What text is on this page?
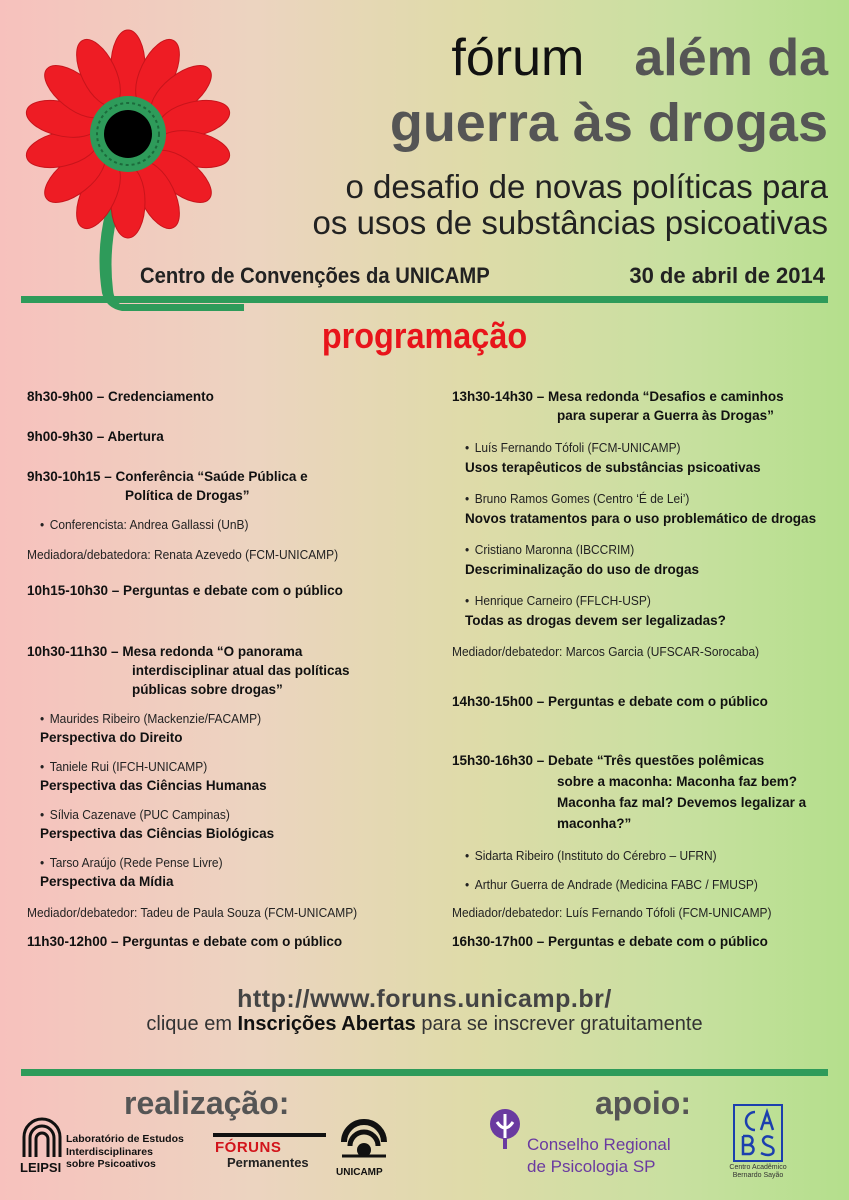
fórum além da
guerra às drogas
o desafio de novas políticas para
os usos de substâncias psicoativas
Centro de Convenções da UNICAMP	30 de abril de 2014
programação
8h30-9h00 – Credenciamento
9h00-9h30 – Abertura
9h30-10h15 – Conferência “Saúde Pública e
Política de Drogas”
• Conferencista: Andrea Gallassi (UnB)
Mediadora/debatedora: Renata Azevedo (FCM-UNICAMP)
10h15-10h30 – Perguntas e debate com o público
10h30-11h30 – Mesa redonda “O panorama
interdisciplinar atual das políticas
públicas sobre drogas”
• Maurides Ribeiro (Mackenzie/FACAMP)
Perspectiva do Direito
• Taniele Rui (IFCH-UNICAMP)
Perspectiva das Ciências Humanas
• Sílvia Cazenave (PUC Campinas)
Perspectiva das Ciências Biológicas
• Tarso Araújo (Rede Pense Livre)
Perspectiva da Mídia
Mediador/debatedor: Tadeu de Paula Souza (FCM-UNICAMP)
11h30-12h00 – Perguntas e debate com o público
13h30-14h30 – Mesa redonda “Desafios e caminhos
para superar a Guerra às Drogas”
• Luís Fernando Tófoli (FCM-UNICAMP)
Usos terapêuticos de substâncias psicoativas
• Bruno Ramos Gomes (Centro ‘É de Lei’)
Novos tratamentos para o uso problemático de drogas
• Cristiano Maronna (IBCCRIM)
Descriminalização do uso de drogas
• Henrique Carneiro (FFLCH-USP)
Todas as drogas devem ser legalizadas?
Mediador/debatedor: Marcos Garcia (UFSCAR-Sorocaba)
14h30-15h00 – Perguntas e debate com o público
15h30-16h30 – Debate “Três questões polêmicas
sobre a maconha: Maconha faz bem?
Maconha faz mal? Devemos legalizar a
maconha?”
• Sidarta Ribeiro (Instituto do Cérebro – UFRN)
• Arthur Guerra de Andrade (Medicina FABC / FMUSP)
Mediador/debatedor: Luís Fernando Tófoli (FCM-UNICAMP)
16h30-17h00 – Perguntas e debate com o público
http://www.foruns.unicamp.br/
clique em Inscrições Abertas para se inscrever gratuitamente
realização:	apoio:
Laboratório de Estudos
Interdisciplinares
sobre Psicoativos
LEIPSI
FÓRUNS
Permanentes
UNICAMP
Conselho Regional
de Psicologia SP	Centro Acadêmico
Bernardo Sayão
